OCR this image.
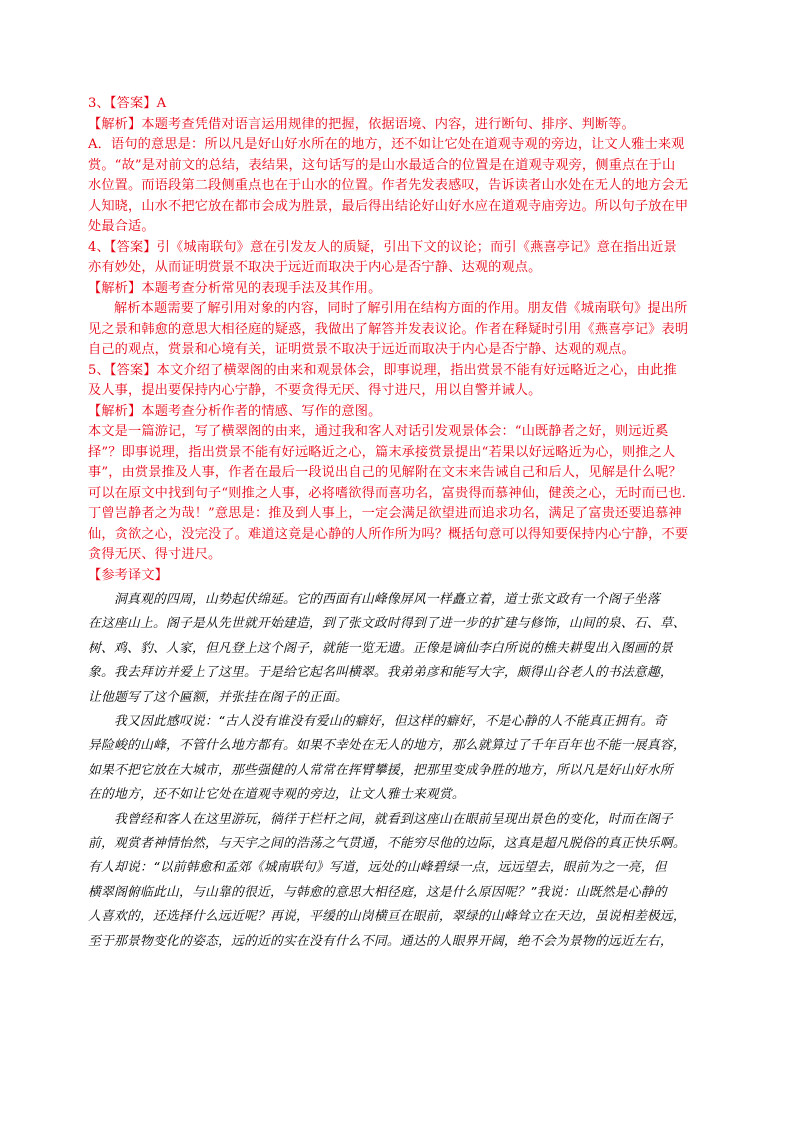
3、【答案】A
【解析】本题考查凭借对语言运用规律的把握，依据语境、内容，进行断句、排序、判断等。
A．语句的意思是：所以凡是好山好水所在的地方，还不如让它处在道观寺观的旁边，让文人雅士来观
赏。“故”是对前文的总结，表结果，这句话写的是山水最适合的位置是在道观寺观旁，侧重点在于山
水位置。而语段第二段侧重点也在于山水的位置。作者先发表感叹，告诉读者山水处在无人的地方会无
人知晓，山水不把它放在都市会成为胜景，最后得出结论好山好水应在道观寺庙旁边。所以句子放在甲
处最合适。
4、【答案】引《城南联句》意在引发友人的质疑，引出下文的议论；而引《燕喜亭记》意在指出近景
亦有妙处，从而证明赏景不取决于远近而取决于内心是否宁静、达观的观点。
【解析】本题考查分析常见的表现手法及其作用。
解析本题需要了解引用对象的内容，同时了解引用在结构方面的作用。朋友借《城南联句》提出所
见之景和韩愈的意思大相径庭的疑惑，我做出了解答并发表议论。作者在释疑时引用《燕喜亭记》表明
自己的观点，赏景和心境有关，证明赏景不取决于远近而取决于内心是否宁静、达观的观点。
5、【答案】本文介绍了横翠阁的由来和观景体会，即事说理，指出赏景不能有好远略近之心，由此推
及人事，提出要保持内心宁静，不要贪得无厌、得寸进尺，用以自警并诫人。
【解析】本题考查分析作者的情感、写作的意图。
本文是一篇游记，写了横翠阁的由来，通过我和客人对话引发观景体会：“山既静者之好，则远近奚
择”？即事说理，指出赏景不能有好远略近之心，篇末承接赏景提出“若果以好远略近为心，则推之人
事”，由赏景推及人事，作者在最后一段说出自己的见解附在文末来告诫自己和后人，见解是什么呢？
可以在原文中找到句子“则推之人事，必将嗜欲得而喜功名，富贵得而慕神仙，健羡之心，无时而已也．
丁曾岂静者之为哉！”意思是：推及到人事上，一定会满足欲望进而追求功名，满足了富贵还要追慕神
仙，贪欲之心，没完没了。难道这竟是心静的人所作所为吗？概括句意可以得知要保持内心宁静，不要
贪得无厌、得寸进尺。
【参考译文】
洞真观的四周，山势起伏绵延。它的西面有山峰像屏风一样矗立着，道士张文政有一个阁子坐落
在这座山上。阁子是从先世就开始建造，到了张文政时得到了进一步的扩建与修饰，山间的泉、石、草、
树、鸡、豹、人家，但凡登上这个阁子，就能一览无遗。正像是谪仙李白所说的樵夫耕叟出入图画的景
象。我去拜访并爱上了这里。于是给它起名叫横翠。我弟弟彦和能写大字，颇得山谷老人的书法意趣，
让他题写了这个匾额，并张挂在阁子的正面。
我又因此感叹说：“古人没有谁没有爱山的癖好，但这样的癖好，不是心静的人不能真正拥有。奇
异险峻的山峰，不管什么地方都有。如果不幸处在无人的地方，那么就算过了千年百年也不能一展真容，
如果不把它放在大城市，那些强健的人常常在挥臂攀援，把那里变成争胜的地方，所以凡是好山好水所
在的地方，还不如让它处在道观寺观的旁边，让文人雅士来观赏。
我曾经和客人在这里游玩，徜徉于栏杆之间，就看到这座山在眼前呈现出景色的变化，时而在阁子
前，观赏者神情怡然，与天宇之间的浩荡之气贯通，不能穷尽他的边际，这真是超凡脱俗的真正快乐啊。
有人却说：“以前韩愈和孟郊《城南联句》写道，远处的山峰碧绿一点，远远望去，眼前为之一亮，但
横翠阁俯临此山，与山靠的很近，与韩愈的意思大相径庭，这是什么原因呢？”我说：山既然是心静的
人喜欢的，还选择什么远近呢？再说，平缓的山岗横亘在眼前，翠绿的山峰耸立在天边，虽说相差极远，
至于那景物变化的姿态，远的近的实在没有什么不同。通达的人眼界开阔，绝不会为景物的远近左右，
